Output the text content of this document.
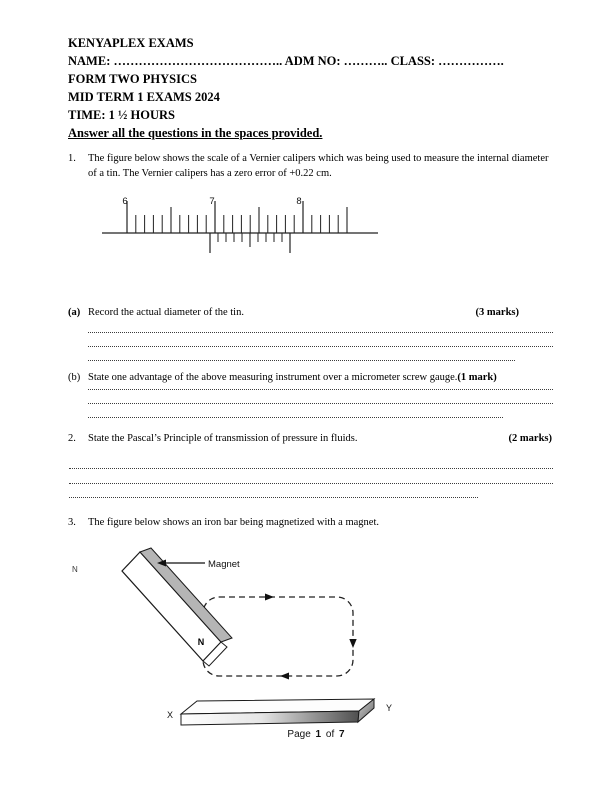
KENYAPLEX EXAMS
NAME: ………………………………….. ADM NO: ……….. CLASS: …………….
FORM TWO PHYSICS
MID TERM 1 EXAMS 2024
TIME: 1 ½ HOURS
Answer all the questions in the spaces provided.
1.	The figure below shows the scale of a Vernier calipers which was being used to measure the internal diameter of a tin. The Vernier calipers has a zero error of +0.22 cm.
6	7	8
(a) Record the actual diameter of the tin.	(3 marks)
(b) State one advantage of the above measuring instrument over a micrometer screw gauge.(1 mark)
2.	State the Pascal’s Principle of transmission of pressure in fluids.	(2 marks)
3.	The figure below shows an iron bar being magnetized with a magnet.
N
Magnet
N
X
Y
Page 1 of 7
